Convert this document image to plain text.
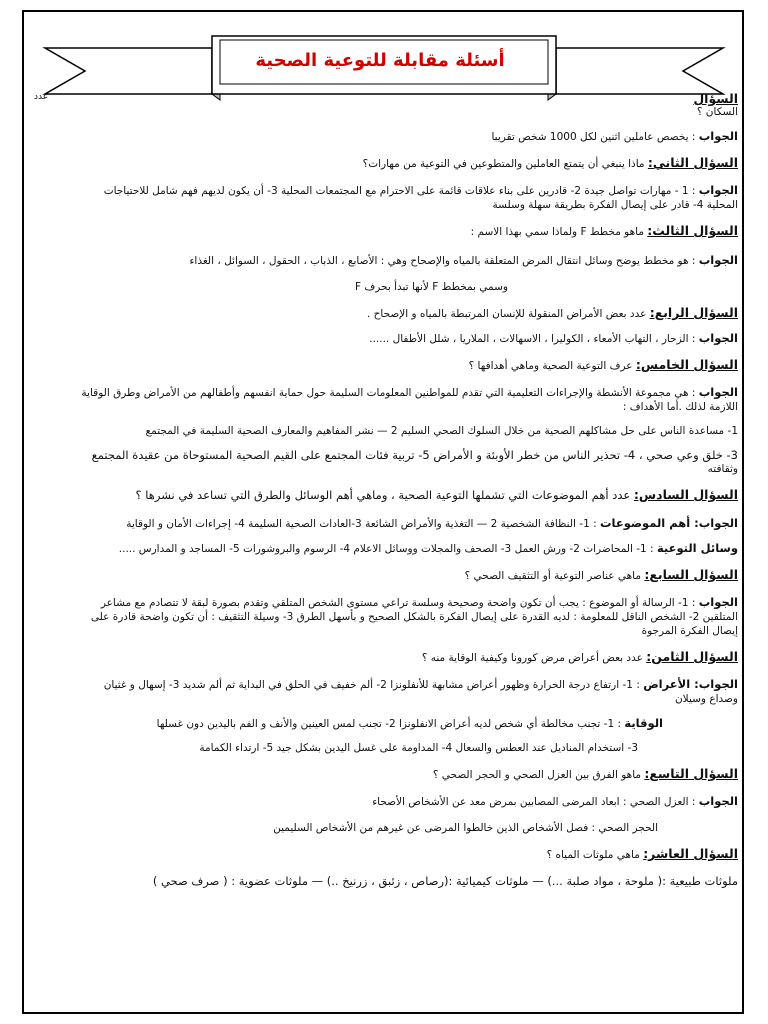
أسئلة مقابلة للتوعية الصحية
عدد	السؤال

السكان ؟

الجواب : يخصص عاملين اثنين لكل 1000 شخص تقريبا

السؤال الثاني: ماذا ينبغي أن يتمتع العاملين والمتطوعين في التوعية من مهارات؟

الجواب : 1 - مهارات تواصل جيدة 2- قادرين على بناء علاقات قائمة على الاحترام مع المجتمعات المحلية 3- أن يكون لديهم فهم شامل للاحتياجات

المحلية 4- قادر على إيصال الفكرة بطريقة سهلة وسلسة

السؤال الثالث: ماهو مخطط F ولماذا سمي بهذا الاسم :

الجواب : هو مخطط يوضح وسائل انتقال المرض المتعلقة بالمياه والإصحاح وهي : الأصابع ، الذباب ، الحقول ، السوائل ، الغذاء

وسمي بمخطط F لأنها تبدأ بحرف F

السؤال الرابع: عدد بعض الأمراض المنقولة للإنسان المرتبطة بالمياه و الإصحاح .

الجواب : الزحار ، التهاب الأمعاء ، الكوليرا ، الاسهالات ، الملاريا ، شلل الأطفال ......

السؤال الخامس: عرف التوعية الصحية وماهي أهدافها ؟

الجواب : هي مجموعة الأنشطة والإجراءات التعليمية التي تقدم للمواطنين المعلومات السليمة حول حماية انفسهم وأطفالهم من الأمراض وطرق الوقاية

اللازمة لذلك .أما الأهداف :

1- مساعدة الناس على حل مشاكلهم الصحية من خلال السلوك الصحي السليم 2 — نشر المفاهيم والمعارف الصحية السليمة في المجتمع

3- خلق وعي صحي ، 4- تحذير الناس من خطر الأوبئة و الأمراض 5- تربية فئات المجتمع على القيم الصحية المستوحاة من عقيدة المجتمع

وثقافته

السؤال السادس: عدد أهم الموضوعات التي تشملها التوعية الصحية ، وماهي أهم الوسائل والطرق التي تساعد في نشرها ؟

الجواب: أهم الموضوعات : 1- النظافة الشخصية 2 — التغذية والأمراض الشائعة 3-العادات الصحية السليمة 4- إجراءات الأمان و الوقاية

وسائل التوعية : 1- المحاضرات 2- ورش العمل 3- الصحف والمجلات ووسائل الاعلام 4- الرسوم والبروشورات 5- المساجد و المدارس .....

السؤال السابع: ماهي عناصر التوعية أو التثقيف الصحي ؟

الجواب : 1- الرسالة أو الموضوع : يجب أن تكون واضحة وصحيحة وسلسة تراعي مستوى الشخص المتلقي وتقدم بصورة لبقة لا تتصادم مع مشاعر

المتلقين 2- الشخص الناقل للمعلومة : لديه القدرة على إيصال الفكرة بالشكل الصحيح و بأسهل الطرق 3- وسيلة التثقيف : أن تكون واضحة قادرة على

إيصال الفكرة المرجوة

السؤال الثامن: عدد بعض أعراض مرض كورونا وكيفية الوقاية منه ؟

الجواب: الأعراض : 1- ارتفاع درجة الحرارة وظهور أعراض مشابهة للأنفلونزا 2- ألم خفيف في الحلق في البداية ثم ألم شديد 3- إسهال و غثيان

وصداع وسيلان

الوقاية : 1- تجنب مخالطة أي شخص لديه أعراض الانفلونزا 2- تجنب لمس العينين والأنف و الفم باليدين دون غسلها

3- استخدام المناديل عند العطس والسعال 4- المداومة على غسل اليدين بشكل جيد 5- ارتداء الكمامة

السؤال التاسع: ماهو الفرق بين العزل الصحي و الحجر الصحي ؟

الجواب : العزل الصحي : ابعاد المرضى المصابين بمرض معد عن الأشخاص الأصحاء

الحجر الصحي : فصل الأشخاص الذين خالطوا المرضى عن غيرهم من الأشخاص السليمين

السؤال العاشر: ماهي ملوثات المياه ؟

ملوثات طبيعية :( ملوحة ، مواد صلبة ...) — ملوثات كيميائية :(رصاص ، زئبق ، زرنيخ ..) — ملوثات عضوية : ( صرف صحي )
